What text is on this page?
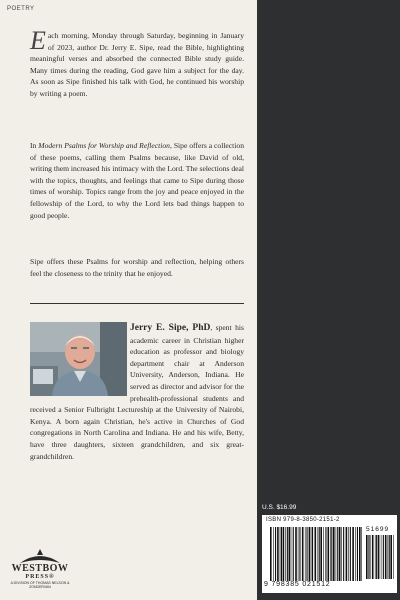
POETRY
Each morning, Monday through Saturday, beginning in January of 2023, author Dr. Jerry E. Sipe, read the Bible, highlighting meaningful verses and absorbed the connected Bible study guide. Many times during the reading, God gave him a subject for the day. As soon as Sipe finished his talk with God, he continued his worship by writing a poem.
In Modern Psalms for Worship and Reflection, Sipe offers a collection of these poems, calling them Psalms because, like David of old, writing them increased his intimacy with the Lord. The selections deal with the topics, thoughts, and feelings that came to Sipe during those times of worship. Topics range from the joy and peace enjoyed in the fellowship of the Lord, to why the Lord lets bad things happen to good people.
Sipe offers these Psalms for worship and reflection, helping others feel the closeness to the trinity that he enjoyed.
Jerry E. Sipe, PhD, spent his academic career in Christian higher education as professor and biology department chair at Anderson University, Anderson, Indiana. He served as director and advisor for the prehealth-professional students and received a Senior Fulbright Lectureship at the University of Nairobi, Kenya. A born again Christian, he's active in Churches of God congregations in North Carolina and Indiana. He and his wife, Betty, have three daughters, sixteen grandchildren, and six great-grandchildren.
WESTBOW
PRESS®
A DIVISION OF THOMAS NELSON & ZONDERVAN
U.S. $16.99
ISBN 979-8-3850-2151-2
51699
9 798385 021512
